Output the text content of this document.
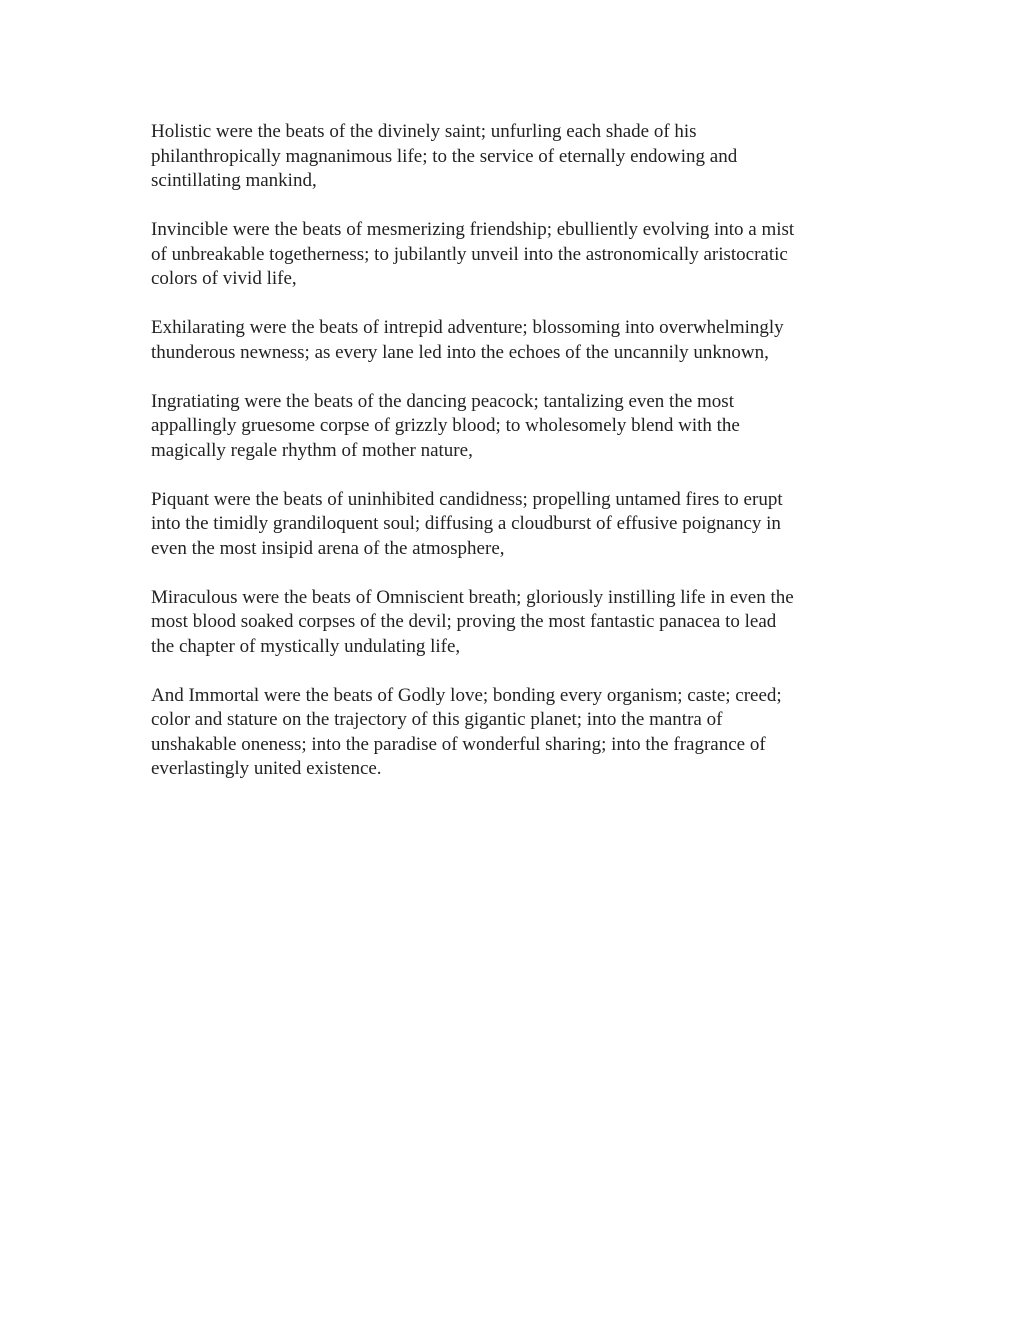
Holistic were the beats of the divinely saint; unfurling each shade of his
philanthropically magnanimous life; to the service of eternally endowing and
scintillating mankind,

Invincible were the beats of mesmerizing friendship; ebulliently evolving into a mist
of unbreakable togetherness; to jubilantly unveil into the astronomically aristocratic
colors of vivid life,

Exhilarating were the beats of intrepid adventure; blossoming into overwhelmingly
thunderous newness; as every lane led into the echoes of the uncannily unknown,

Ingratiating were the beats of the dancing peacock; tantalizing even the most
appallingly gruesome corpse of grizzly blood; to wholesomely blend with the
magically regale rhythm of mother nature,

Piquant were the beats of uninhibited candidness; propelling untamed fires to erupt
into the timidly grandiloquent soul; diffusing a cloudburst of effusive poignancy in
even the most insipid arena of the atmosphere,

Miraculous were the beats of Omniscient breath; gloriously instilling life in even the
most blood soaked corpses of the devil; proving the most fantastic panacea to lead
the chapter of mystically undulating life,

And Immortal were the beats of Godly love; bonding every organism; caste; creed;
color and stature on the trajectory of this gigantic planet; into the mantra of
unshakable oneness; into the paradise of wonderful sharing; into the fragrance of
everlastingly united existence.
